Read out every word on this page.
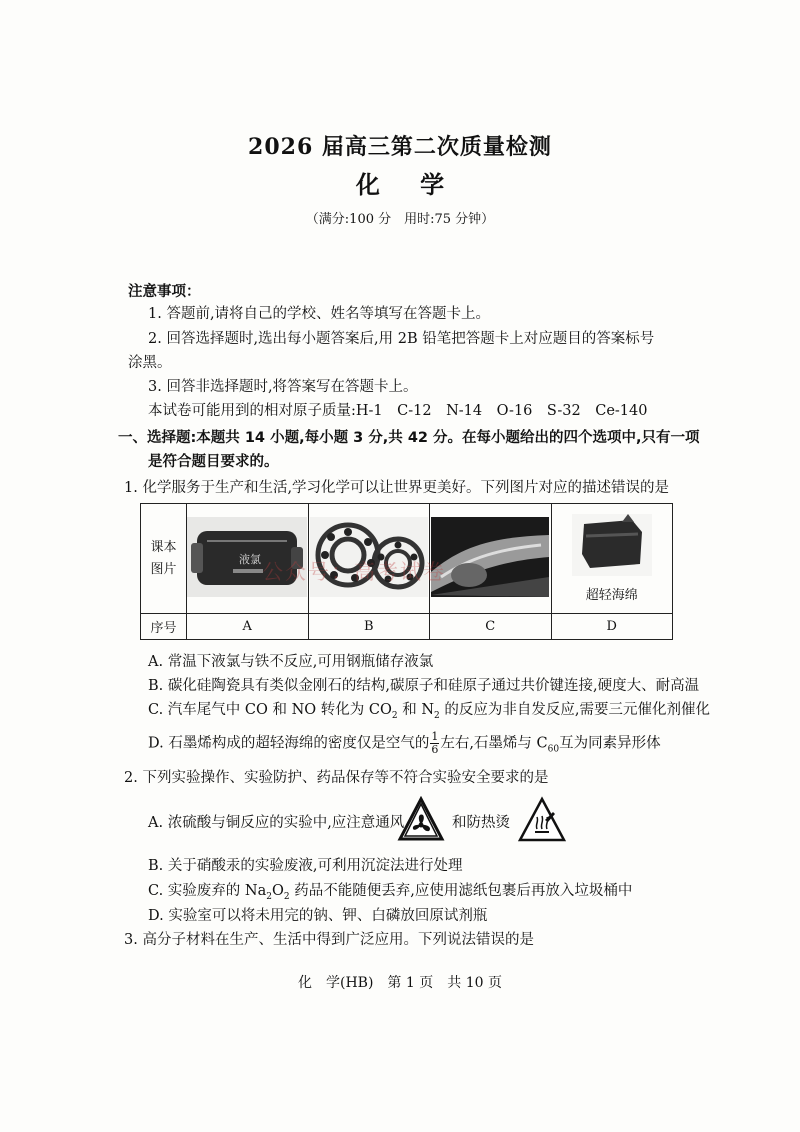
2026 届高三第二次质量检测
化 学
（满分:100 分　用时:75 分钟）
注意事项：
1. 答题前,请将自己的学校、姓名等填写在答题卡上。
2. 回答选择题时,选出每小题答案后,用 2B 铅笔把答题卡上对应题目的答案标号
涂黑。
3. 回答非选择题时,将答案写在答题卡上。
本试卷可能用到的相对原子质量:H-1　C-12　N-14　O-16　S-32　Ce-140
一、选择题:本题共 14 小题,每小题 3 分,共 42 分。在每小题给出的四个选项中,只有一项
是符合题目要求的。
1. 化学服务于生产和生活,学习化学可以让世界更美好。下列图片对应的描述错误的是
课本
图片	液氯			超轻海绵

序号	A	B	C	D
公众号：高考试卷
A. 常温下液氯与铁不反应,可用钢瓶储存液氯
B. 碳化硅陶瓷具有类似金刚石的结构,碳原子和硅原子通过共价键连接,硬度大、耐高温
C. 汽车尾气中 CO 和 NO 转化为 $CO_2$ 和 $N_2$ 的反应为非自发反应,需要三元催化剂催化
D. 石墨烯构成的超轻海绵的密度仅是空气的 $\frac{1}{6}$ 左右,石墨烯与 $C_{60}$互为同素异形体
2. 下列实验操作、实验防护、药品保存等不符合实验安全要求的是
A. 浓硫酸与铜反应的实验中,应注意通风	和防热烫
B. 关于硝酸汞的实验废液,可利用沉淀法进行处理
C. 实验废弃的 $Na_2O_2$ 药品不能随便丢弃,应使用滤纸包裹后再放入垃圾桶中
D. 实验室可以将未用完的钠、钾、白磷放回原试剂瓶
3. 高分子材料在生产、生活中得到广泛应用。下列说法错误的是
化　学(HB)　第 1 页　共 10 页
